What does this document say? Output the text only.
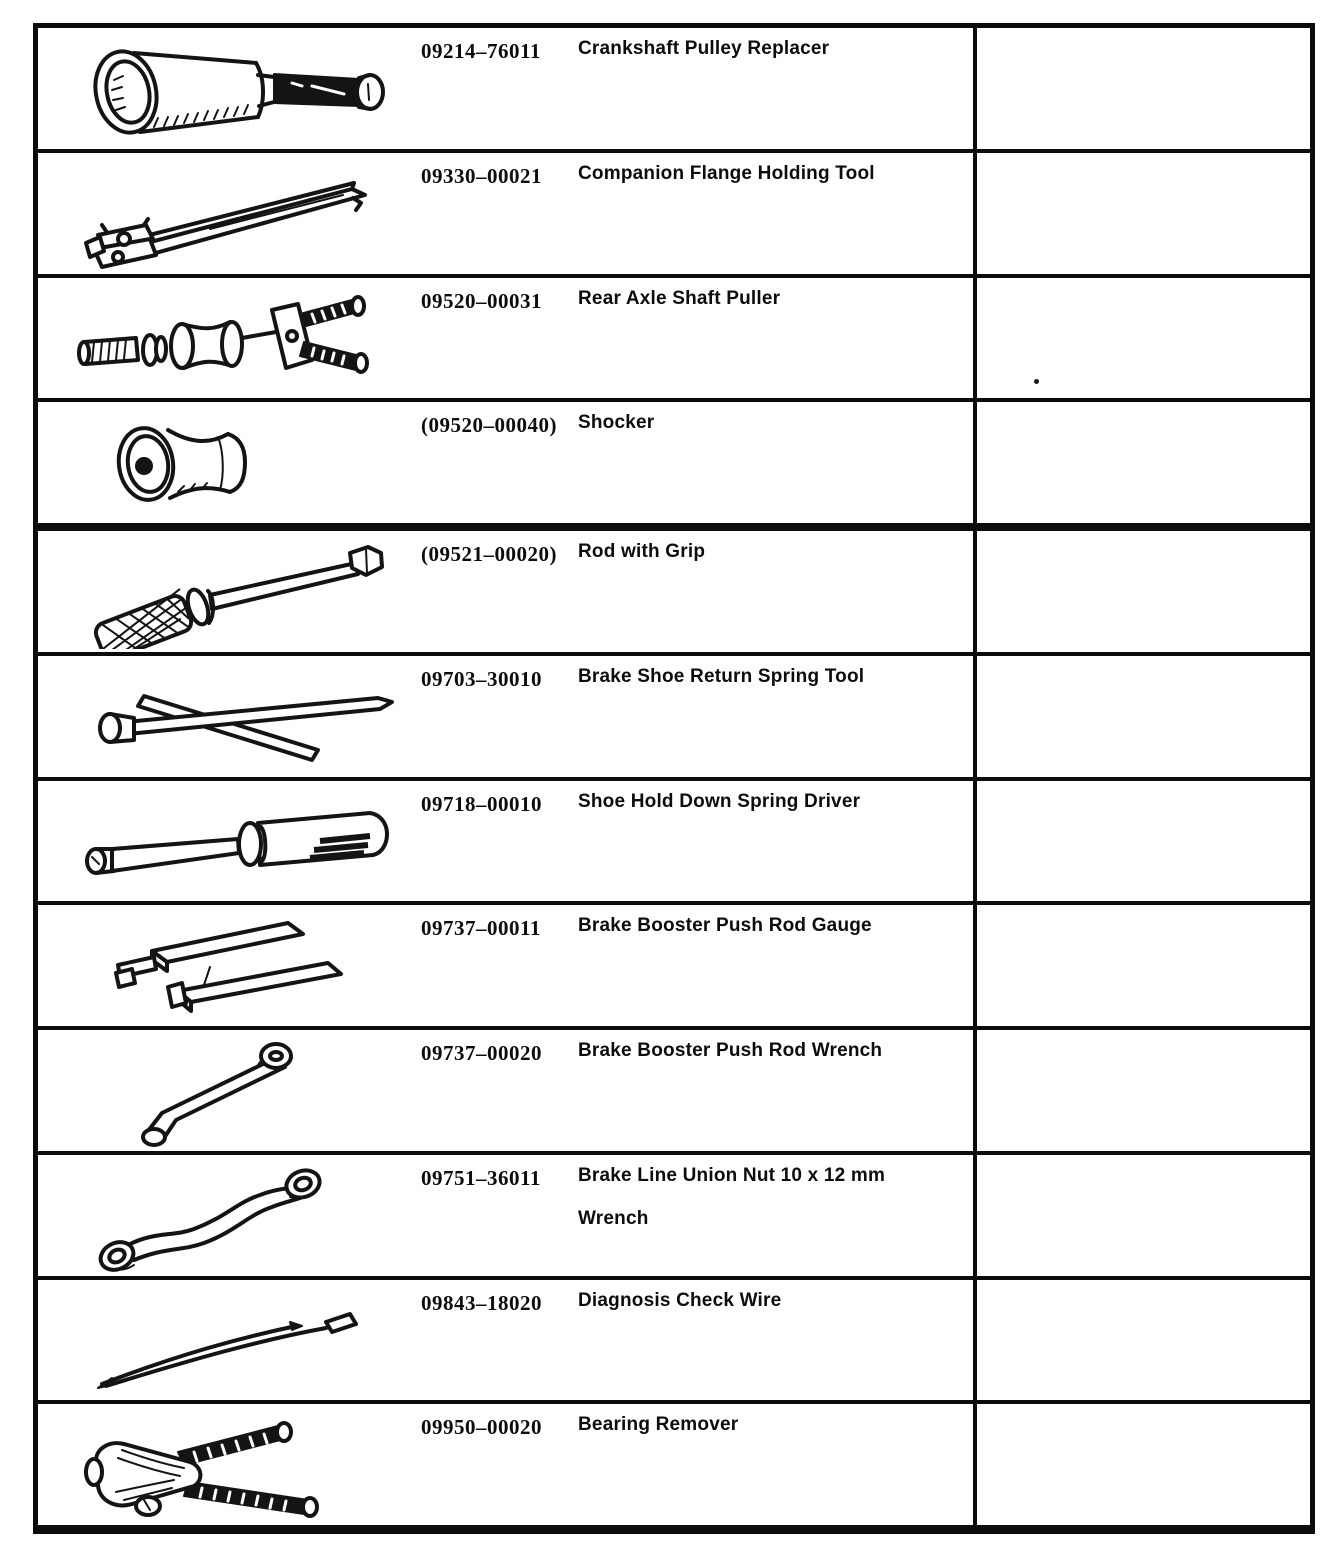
09214–76011	Crankshaft Pulley Replacer
09330–00021	Companion Flange Holding Tool
09520–00031	Rear Axle Shaft Puller
(09520–00040)	Shocker
(09521–00020)	Rod with Grip
09703–30010	Brake Shoe Return Spring Tool
09718–00010	Shoe Hold Down Spring Driver
09737–00011	Brake Booster Push Rod Gauge
09737–00020	Brake Booster Push Rod Wrench
09751–36011	Brake Line Union Nut 10 x 12 mm Wrench
09843–18020	Diagnosis Check Wire
09950–00020	Bearing Remover
